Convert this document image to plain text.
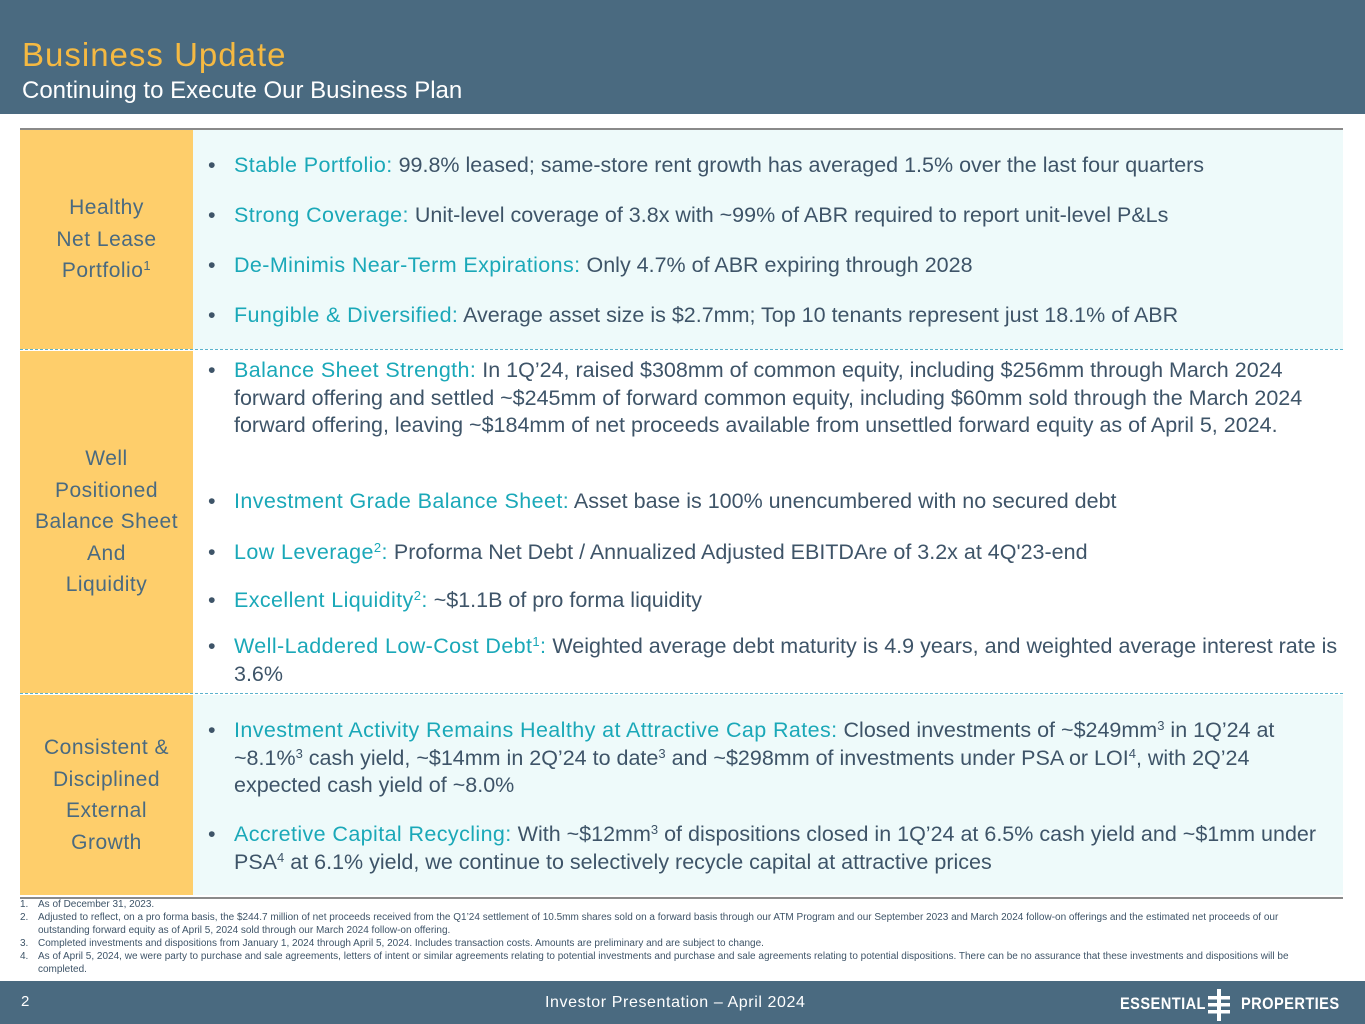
Business Update
Continuing to Execute Our Business Plan
Healthy
Net Lease
Portfolio$^1$
• Stable Portfolio: 99.8% leased; same-store rent growth has averaged 1.5% over the last four quarters
• Strong Coverage: Unit-level coverage of 3.8x with ~99% of ABR required to report unit-level P&Ls
• De-Minimis Near-Term Expirations: Only 4.7% of ABR expiring through 2028
• Fungible & Diversified: Average asset size is $2.7mm; Top 10 tenants represent just 18.1% of ABR
Well
Positioned
Balance Sheet
And
Liquidity
• Balance Sheet Strength: In 1Q’24, raised $308mm of common equity, including $256mm through March 2024 forward offering and settled ~$245mm of forward common equity, including $60mm sold through the March 2024 forward offering, leaving ~$184mm of net proceeds available from unsettled forward equity as of April 5, 2024.
• Investment Grade Balance Sheet: Asset base is 100% unencumbered with no secured debt
• Low Leverage$^2$: Proforma Net Debt / Annualized Adjusted EBITDAre of 3.2x at 4Q'23-end
• Excellent Liquidity$^2$: ~$1.1B of pro forma liquidity
• Well-Laddered Low-Cost Debt$^1$: Weighted average debt maturity is 4.9 years, and weighted average interest rate is 3.6%
Consistent &
Disciplined
External
Growth
• Investment Activity Remains Healthy at Attractive Cap Rates: Closed investments of $\sim\$249mm^3$ in 1Q’24 at ~8.1%$^3$ cash yield, ~$14mm in 2Q’24 to date$^3$ and ~$298mm of investments under PSA or LOI$^4$, with 2Q’24 expected cash yield of ~8.0%
• Accretive Capital Recycling: With $\sim\$12mm^3$ of dispositions closed in 1Q’24 at 6.5% cash yield and ~$1mm under PSA$^4$ at 6.1% yield, we continue to selectively recycle capital at attractive prices
1. As of December 31, 2023.
2. Adjusted to reflect, on a pro forma basis, the $244.7 million of net proceeds received from the Q1’24 settlement of 10.5mm shares sold on a forward basis through our ATM Program and our September 2023 and March 2024 follow-on offerings and the estimated net proceeds of our outstanding forward equity as of April 5, 2024 sold through our March 2024 follow-on offering.
3. Completed investments and dispositions from January 1, 2024 through April 5, 2024. Includes transaction costs. Amounts are preliminary and are subject to change.
4. As of April 5, 2024, we were party to purchase and sale agreements, letters of intent or similar agreements relating to potential investments and purchase and sale agreements relating to potential dispositions. There can be no assurance that these investments and dispositions will be completed.
2	Investor Presentation – April 2024	ESSENTIAL PROPERTIES
